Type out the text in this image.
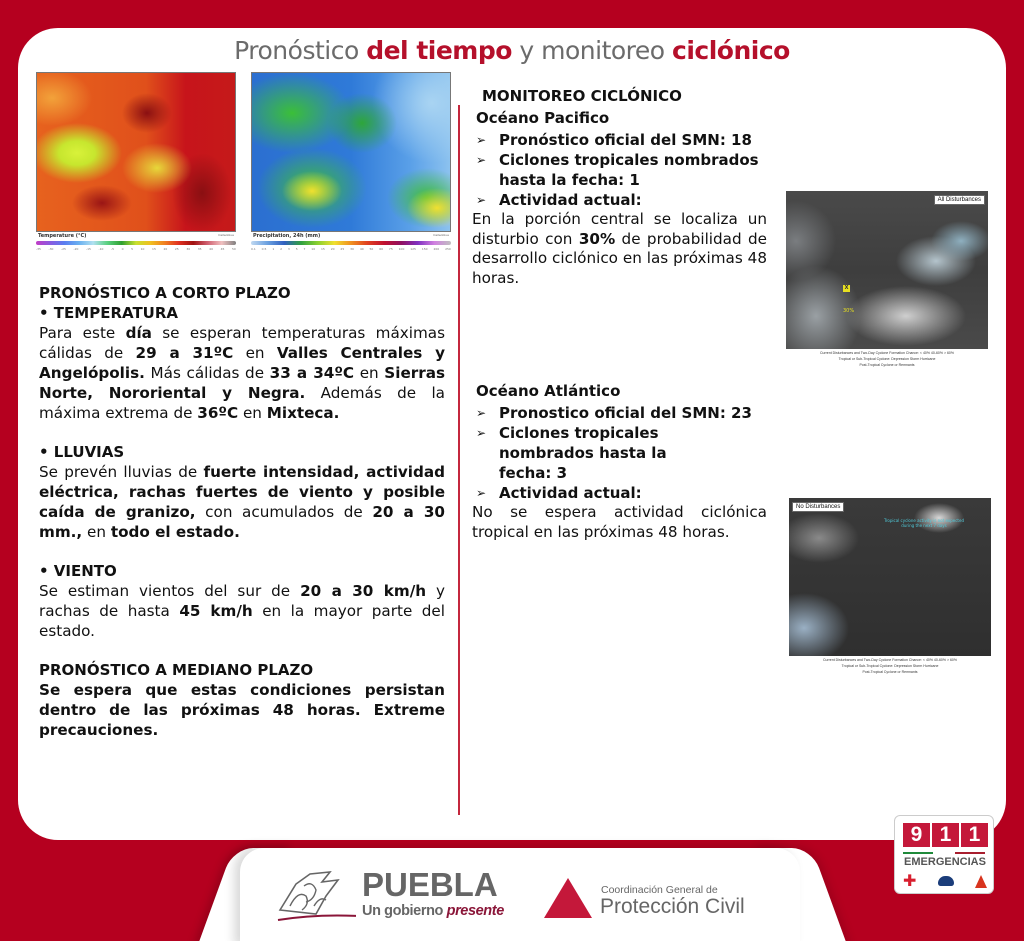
Pronóstico del tiempo y monitoreo ciclónico
Temperature (°C)	meteoblue
-35	-30	-25	-20	-15	-10	-5	0	5	10	15	20	25	30	35	40	45	50
Precipitation, 24h (mm)	meteoblue
0.1 0.5 1 2 3 5 7 10 15 20 25 30 40 50 60 75 100 125 150 200 250
PRONÓSTICO A CORTO PLAZO
• TEMPERATURA

Para este día se esperan temperaturas máximas cálidas de 29 a 31ºC en Valles Centrales y Angelópolis. Más cálidas de 33 a 34ºC en Sierras Norte, Nororiental y Negra. Además de la máxima extrema de 36ºC en Mixteca.

• LLUVIAS

Se prevén lluvias de fuerte intensidad, actividad eléctrica, rachas fuertes de viento y posible caída de granizo, con acumulados de 20 a 30 mm., en todo el estado.

• VIENTO

Se estiman vientos del sur de 20 a 30 km/h y rachas de hasta 45 km/h en la mayor parte del estado.

PRONÓSTICO A MEDIANO PLAZO

Se espera que estas condiciones persistan dentro de las próximas 48 horas. Extreme precauciones.

MONITOREO CICLÓNICO
Océano Pacifico
➢ Pronóstico oficial del SMN: 18
➢ Ciclones tropicales nombrados hasta la fecha: 1
➢ Actividad actual:

En la porción central se localiza un disturbio con 30% de probabilidad de desarrollo ciclónico en las próximas 48 horas.

Océano Atlántico
➢ Pronostico oficial del SMN: 23
➢ Ciclones tropicales nombrados hasta la fecha: 3
➢ Actividad actual:

No se espera actividad ciclónica tropical en las próximas 48 horas.

All Disturbances
X
30%
Current Disturbances and Two-Day Cyclone Formation Chance: < 40% 40-60% > 60%
Tropical or Sub-Tropical Cyclone: Depression Storm Hurricane
Post-Tropical Cyclone or Remnants
No Disturbances
Tropical cyclone activity is not expected during the next 7 days
Current Disturbances and Two-Day Cyclone Formation Chance: < 40% 40-60% > 60%
Tropical or Sub-Tropical Cyclone: Depression Storm Hurricane
Post-Tropical Cyclone or Remnants
PUEBLA
Un gobierno presente
Coordinación General de
Protección Civil
9 1 1
EMERGENCIAS
✚
